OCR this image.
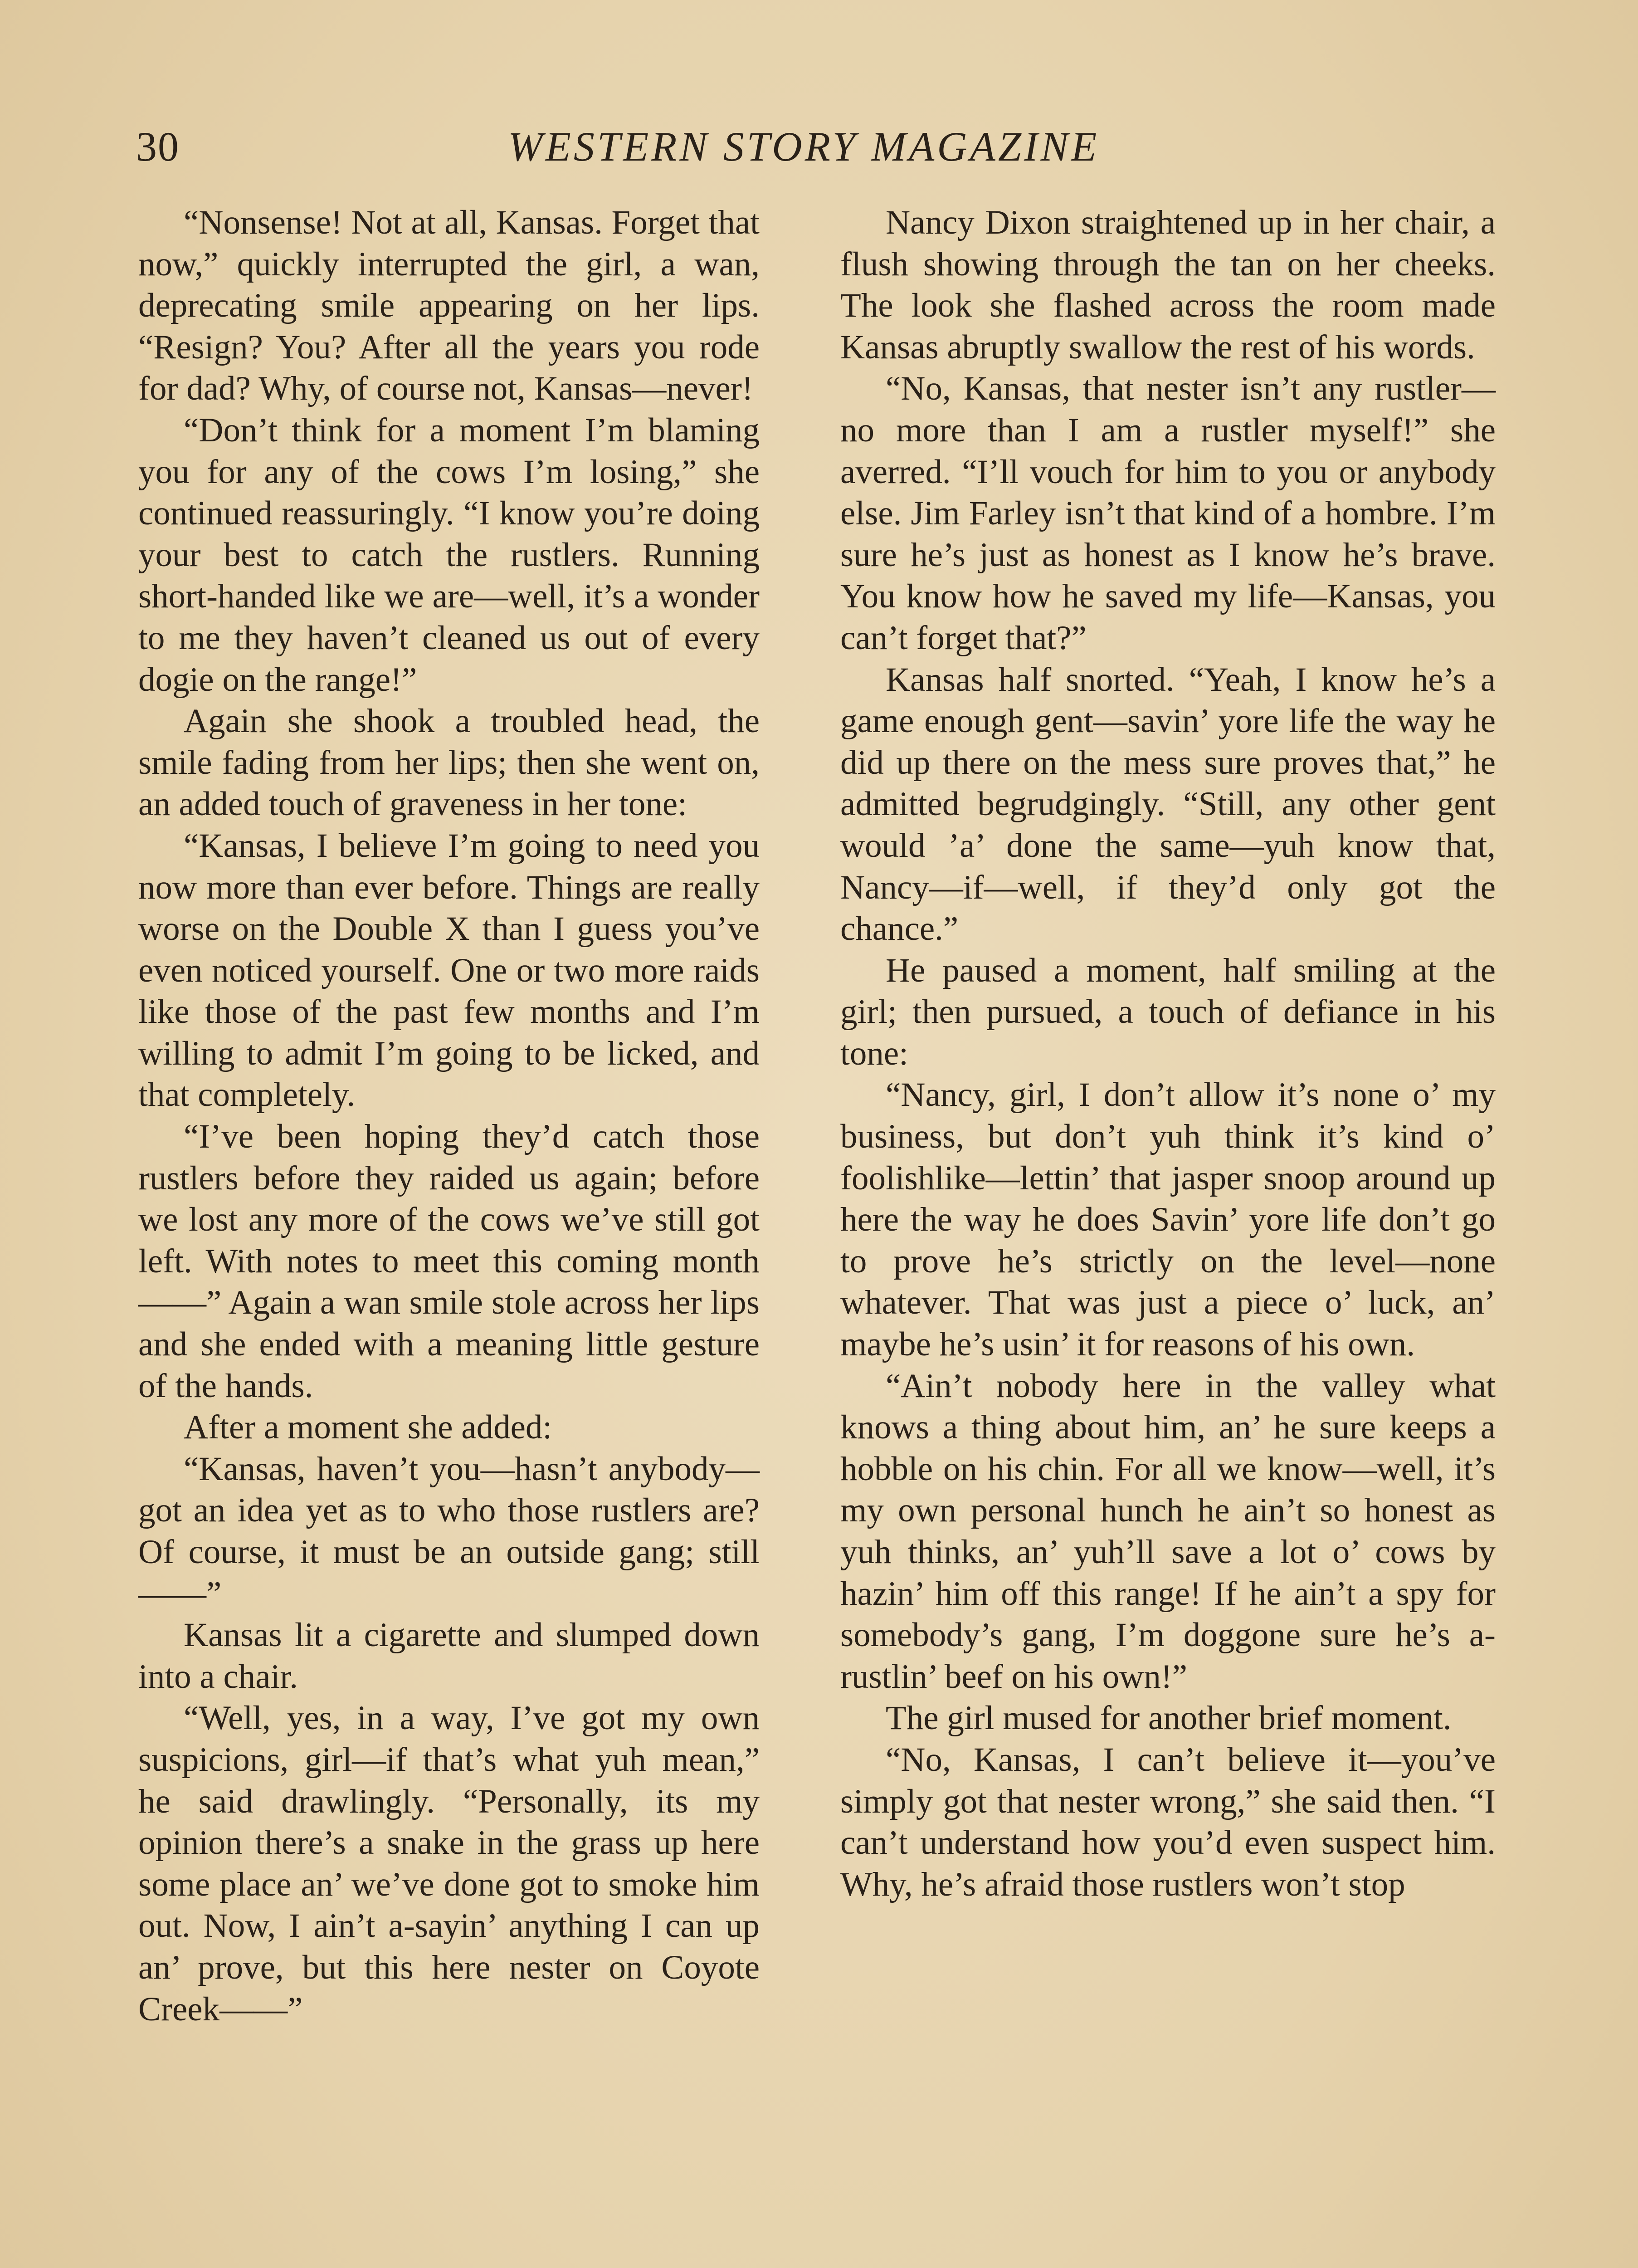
30	WESTERN STORY MAGAZINE

“Nonsense! Not at all, Kansas. Forget that now,” quickly interrupted the girl, a wan, deprecating smile appearing on her lips. “Resign? You? After all the years you rode for dad? Why, of course not, Kansas—never!

“Don’t think for a moment I’m blaming you for any of the cows I’m losing,” she continued reassuringly. “I know you’re doing your best to catch the rustlers. Running short-handed like we are—well, it’s a wonder to me they haven’t cleaned us out of every dogie on the range!”

Again she shook a troubled head, the smile fading from her lips; then she went on, an added touch of graveness in her tone:

“Kansas, I believe I’m going to need you now more than ever before. Things are really worse on the Double X than I guess you’ve even noticed yourself. One or two more raids like those of the past few months and I’m willing to admit I’m going to be licked, and that completely.

“I’ve been hoping they’d catch those rustlers before they raided us again; before we lost any more of the cows we’ve still got left. With notes to meet this coming month——” Again a wan smile stole across her lips and she ended with a meaning little gesture of the hands.

After a moment she added:

“Kansas, haven’t you—hasn’t anybody—got an idea yet as to who those rustlers are? Of course, it must be an outside gang; still——”

Kansas lit a cigarette and slumped down into a chair.

“Well, yes, in a way, I’ve got my own suspicions, girl—if that’s what yuh mean,” he said drawlingly. “Personally, its my opinion there’s a snake in the grass up here some place an’ we’ve done got to smoke him out. Now, I ain’t a-sayin’ anything I can up an’ prove, but this here nester on Coyote Creek——”

Nancy Dixon straightened up in her chair, a flush showing through the tan on her cheeks. The look she flashed across the room made Kansas abruptly swallow the rest of his words.

“No, Kansas, that nester isn’t any rustler—no more than I am a rustler myself!” she averred. “I’ll vouch for him to you or anybody else. Jim Farley isn’t that kind of a hombre. I’m sure he’s just as honest as I know he’s brave. You know how he saved my life—Kansas, you can’t forget that?”

Kansas half snorted. “Yeah, I know he’s a game enough gent—savin’ yore life the way he did up there on the mess sure proves that,” he admitted begrudgingly. “Still, any other gent would ’a’ done the same—yuh know that, Nancy—if—well, if they’d only got the chance.”

He paused a moment, half smiling at the girl; then pursued, a touch of defiance in his tone:

“Nancy, girl, I don’t allow it’s none o’ my business, but don’t yuh think it’s kind o’ foolishlike—lettin’ that jasper snoop around up here the way he does Savin’ yore life don’t go to prove he’s strictly on the level—none whatever. That was just a piece o’ luck, an’ maybe he’s usin’ it for reasons of his own.

“Ain’t nobody here in the valley what knows a thing about him, an’ he sure keeps a hobble on his chin. For all we know—well, it’s my own personal hunch he ain’t so honest as yuh thinks, an’ yuh’ll save a lot o’ cows by hazin’ him off this range! If he ain’t a spy for somebody’s gang, I’m doggone sure he’s a-rustlin’ beef on his own!”

The girl mused for another brief moment.

“No, Kansas, I can’t believe it—you’ve simply got that nester wrong,” she said then. “I can’t understand how you’d even suspect him. Why, he’s afraid those rustlers won’t stop
